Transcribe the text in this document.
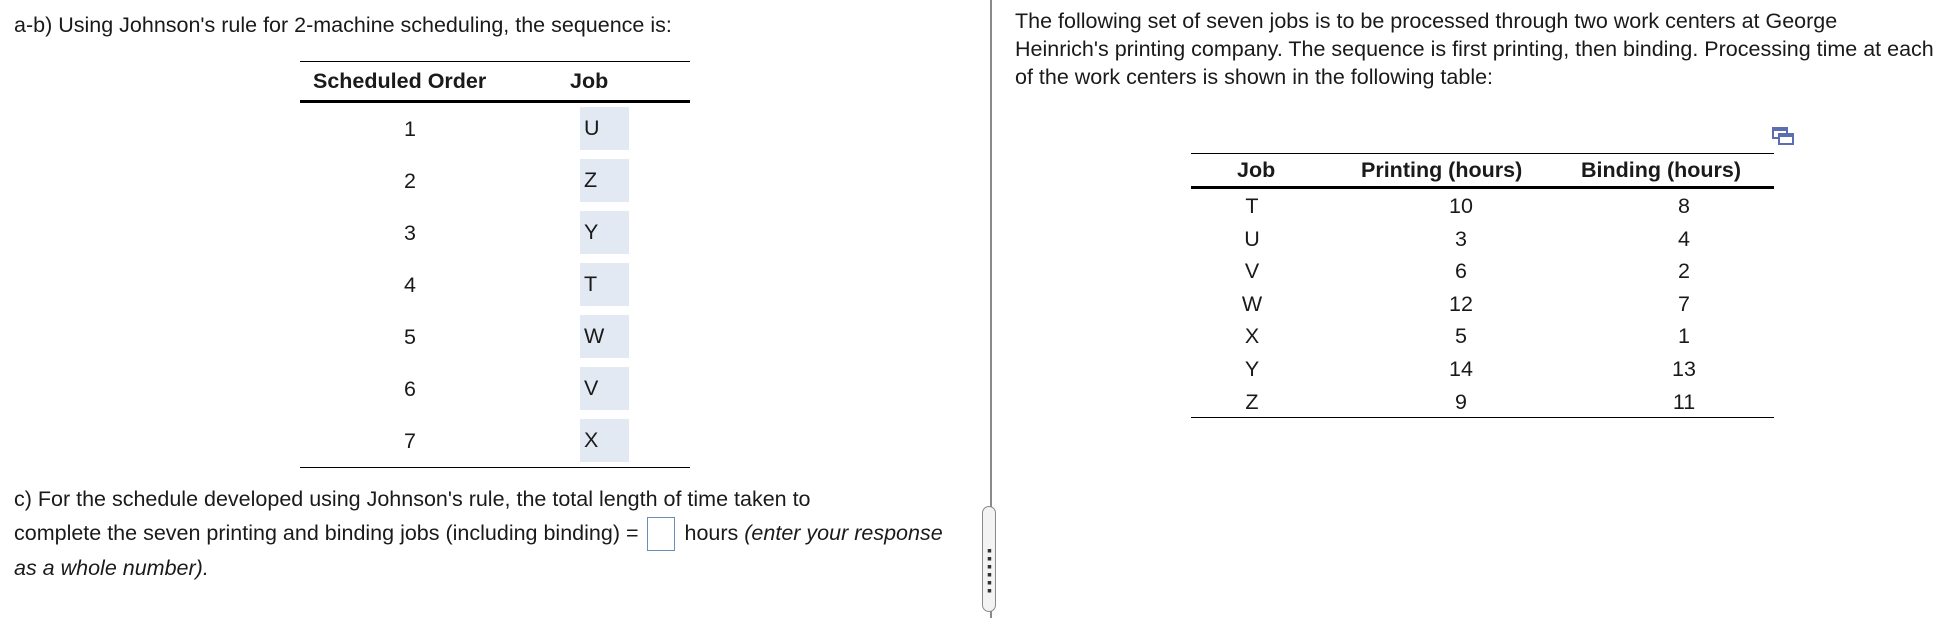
a-b) Using Johnson's rule for 2-machine scheduling, the sequence is:
Scheduled Order	Job
1	U
2	Z
3	Y
4	T
5	W
6	V
7	X
c) For the schedule developed using Johnson's rule, the total length of time taken to
complete the seven printing and binding jobs (including binding) = hours (enter your response as a whole number).
▪
▪
▪
▪
▪
▪
The following set of seven jobs is to be processed through two work centers at George Heinrich's printing company. The sequence is first printing, then binding. Processing time at each of the work centers is shown in the following table:
Job	Printing (hours)	Binding (hours)
T	10	8
U	3	4
V	6	2
W	12	7
X	5	1
Y	14	13
Z	9	11
